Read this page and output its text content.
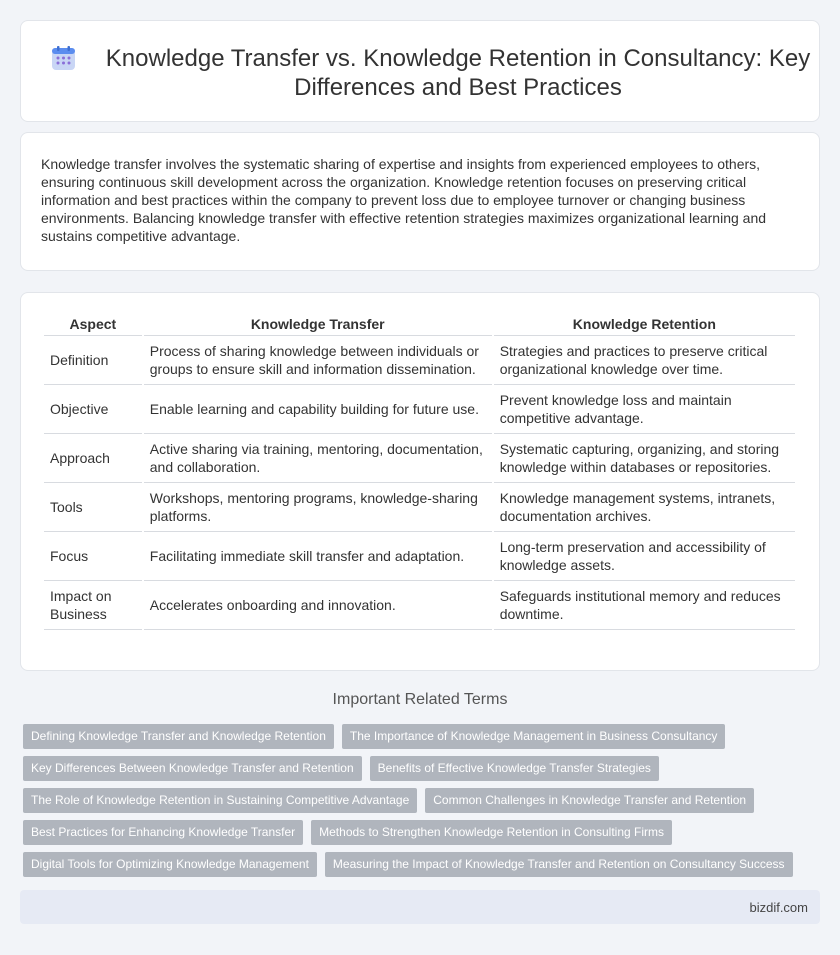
Knowledge Transfer vs. Knowledge Retention in Consultancy: Key Differences and Best Practices

Knowledge transfer involves the systematic sharing of expertise and insights from experienced employees to others, ensuring continuous skill development across the organization. Knowledge retention focuses on preserving critical information and best practices within the company to prevent loss due to employee turnover or changing business environments. Balancing knowledge transfer with effective retention strategies maximizes organizational learning and sustains competitive advantage.

Aspect	Knowledge Transfer	Knowledge Retention
Definition	Process of sharing knowledge between individuals or groups to ensure skill and information dissemination.	Strategies and practices to preserve critical organizational knowledge over time.
Objective	Enable learning and capability building for future use.	Prevent knowledge loss and maintain competitive advantage.
Approach	Active sharing via training, mentoring, documentation, and collaboration.	Systematic capturing, organizing, and storing knowledge within databases or repositories.
Tools	Workshops, mentoring programs, knowledge-sharing platforms.	Knowledge management systems, intranets, documentation archives.
Focus	Facilitating immediate skill transfer and adaptation.	Long-term preservation and accessibility of knowledge assets.
Impact on Business	Accelerates onboarding and innovation.	Safeguards institutional memory and reduces downtime.
Important Related Terms
Defining Knowledge Transfer and Knowledge Retention	The Importance of Knowledge Management in Business Consultancy
Key Differences Between Knowledge Transfer and Retention	Benefits of Effective Knowledge Transfer Strategies
The Role of Knowledge Retention in Sustaining Competitive Advantage	Common Challenges in Knowledge Transfer and Retention
Best Practices for Enhancing Knowledge Transfer	Methods to Strengthen Knowledge Retention in Consulting Firms
Digital Tools for Optimizing Knowledge Management	Measuring the Impact of Knowledge Transfer and Retention on Consultancy Success
bizdif.com
